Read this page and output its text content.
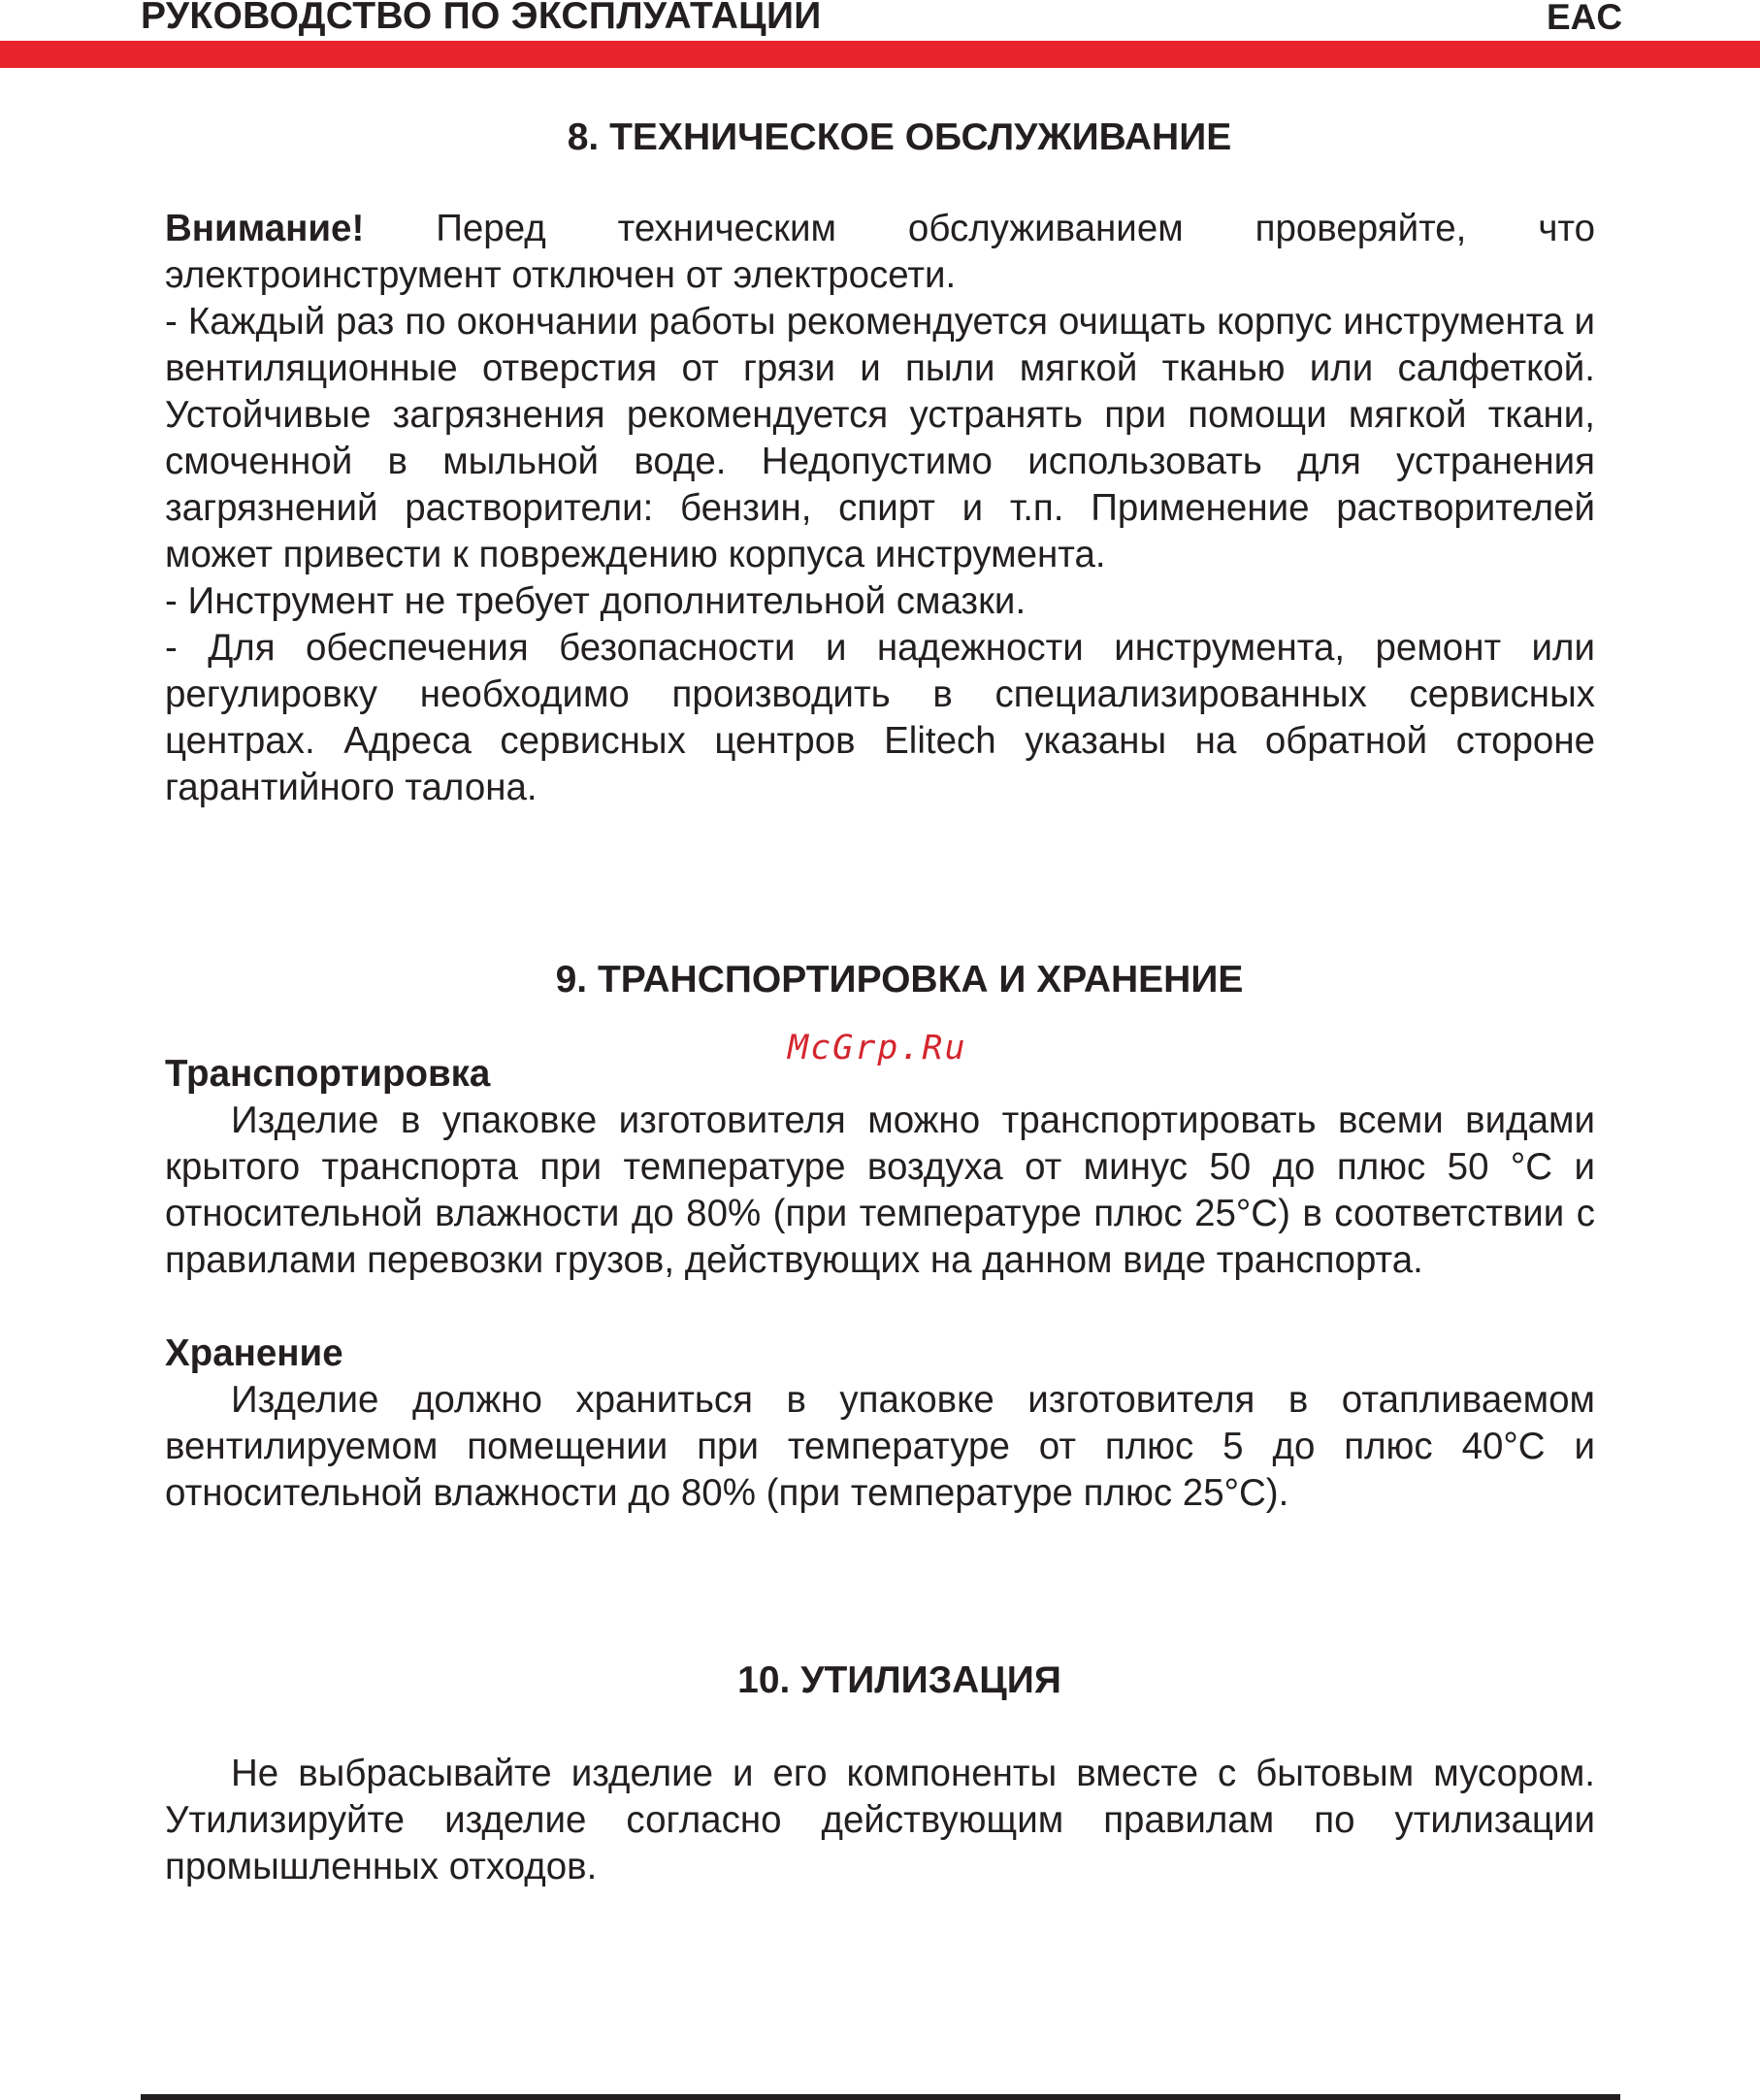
РУКОВОДСТВО ПО ЭКСПЛУАТАЦИИ	EAC
8. ТЕХНИЧЕСКОЕ ОБСЛУЖИВАНИЕ

Внимание! Перед техническим обслуживанием проверяйте, что электроинструмент отключен от электросети.

- Каждый раз по окончании работы рекомендуется очищать корпус инструмента и вентиляционные отверстия от грязи и пыли мягкой тканью или салфеткой. Устойчивые загрязнения рекомендуется устранять при помощи мягкой ткани, смоченной в мыльной воде. Недопустимо использовать для устранения загрязнений растворители: бензин, спирт и т.п. Применение растворителей может привести к повреждению корпуса инструмента.

- Инструмент не требует дополнительной смазки.

- Для обеспечения безопасности и надежности инструмента, ремонт или регулировку необходимо производить в специализированных сервисных центрах. Адреса сервисных центров Elitech указаны на обратной стороне гарантийного талона.

9. ТРАНСПОРТИРОВКА И ХРАНЕНИЕ
Транспортировка

Изделие в упаковке изготовителя можно транспортировать всеми видами крытого транспорта при температуре воздуха от минус 50 до плюс 50 °С и относительной влажности до 80% (при температуре плюс 25°С) в соответствии с правилами перевозки грузов, действующих на данном виде транспорта.

Хранение

Изделие должно храниться в упаковке изготовителя в отапливаемом вентилируемом помещении при температуре от плюс 5 до плюс 40°С и относительной влажности до 80% (при температуре плюс 25°С).

10. УТИЛИЗАЦИЯ

Не выбрасывайте изделие и его компоненты вместе с бытовым мусором. Утилизируйте изделие согласно действующим правилам по утилизации промышленных отходов.

McGrp.Ru
